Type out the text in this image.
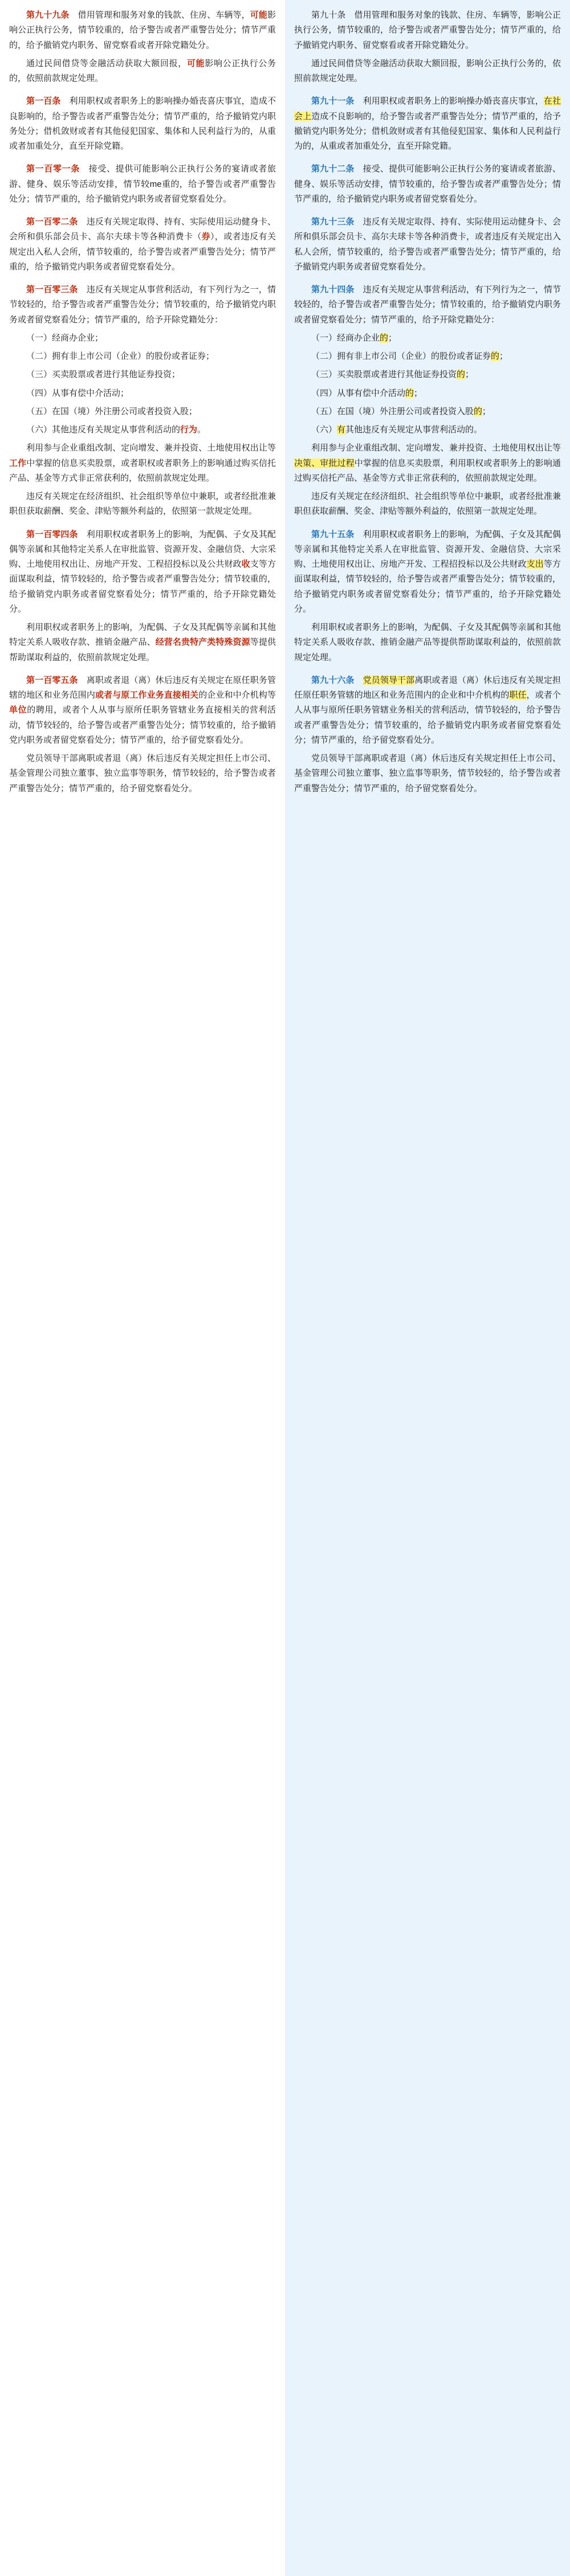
第九十九条　借用管理和服务对象的钱款、住房、车辆等，可能影响公正执行公务，情节较重的，给予警告或者严重警告处分；情节严重的，给予撤销党内职务、留党察看或者开除党籍处分。

通过民间借贷等金融活动获取大额回报，可能影响公正执行公务的，依照前款规定处理。

第一百条　利用职权或者职务上的影响操办婚丧喜庆事宜，造成不良影响的，给予警告或者严重警告处分；情节严重的，给予撤销党内职务处分；借机敛财或者有其他侵犯国家、集体和人民利益行为的，从重或者加重处分，直至开除党籍。

第一百零一条　接受、提供可能影响公正执行公务的宴请或者旅游、健身、娱乐等活动安排，情节较me重的，给予警告或者严重警告处分；情节严重的，给予撤销党内职务或者留党察看处分。

第一百零二条　违反有关规定取得、持有、实际使用运动健身卡、会所和俱乐部会员卡、高尔夫球卡等各种消费卡（券），或者违反有关规定出入私人会所，情节较重的，给予警告或者严重警告处分；情节严重的，给予撤销党内职务或者留党察看处分。

第一百零三条　违反有关规定从事营利活动，有下列行为之一，情节较轻的，给予警告或者严重警告处分；情节较重的，给予撤销党内职务或者留党察看处分；情节严重的，给予开除党籍处分：

（一）经商办企业；

（二）拥有非上市公司（企业）的股份或者证券；

（三）买卖股票或者进行其他证券投资；

（四）从事有偿中介活动；

（五）在国（境）外注册公司或者投资入股；

（六）其他违反有关规定从事营利活动的行为。

利用参与企业重组改制、定向增发、兼并投资、土地使用权出让等工作中掌握的信息买卖股票，或者职权或者职务上的影响通过购买信托产品、基金等方式非正常获利的，依照前款规定处理。

违反有关规定在经济组织、社会组织等单位中兼职，或者经批准兼职但获取薪酬、奖金、津贴等额外利益的，依照第一款规定处理。

第一百零四条　利用职权或者职务上的影响，为配偶、子女及其配偶等亲属和其他特定关系人在审批监管、资源开发、金融信贷、大宗采购、土地使用权出让、房地产开发、工程招投标以及公共财政收支等方面谋取利益，情节较轻的，给予警告或者严重警告处分；情节较重的，给予撤销党内职务或者留党察看处分；情节严重的，给予开除党籍处分。

利用职权或者职务上的影响，为配偶、子女及其配偶等亲属和其他特定关系人吸收存款、推销金融产品、经营名贵特产类特殊资源等提供帮助谋取利益的，依照前款规定处理。

第一百零五条　离职或者退（离）休后违反有关规定在原任职务管辖的地区和业务范围内或者与原工作业务直接相关的企业和中介机构等单位的聘用，或者个人从事与原所任职务管辖业务直接相关的营利活动，情节较轻的，给予警告或者严重警告处分；情节较重的，给予撤销党内职务或者留党察看处分；情节严重的，给予留党察看处分。

党员领导干部离职或者退（离）休后违反有关规定担任上市公司、基金管理公司独立董事、独立监事等职务，情节较轻的，给予警告或者严重警告处分；情节严重的，给予留党察看处分。

第九十条　借用管理和服务对象的钱款、住房、车辆等，影响公正执行公务，情节较重的，给予警告或者严重警告处分；情节严重的，给予撤销党内职务、留党察看或者开除党籍处分。

通过民间借贷等金融活动获取大额回报，影响公正执行公务的，依照前款规定处理。

第九十一条　利用职权或者职务上的影响操办婚丧喜庆事宜，在社会上造成不良影响的，给予警告或者严重警告处分；情节严重的，给予撤销党内职务处分；借机敛财或者有其他侵犯国家、集体和人民利益行为的，从重或者加重处分，直至开除党籍。

第九十二条　接受、提供可能影响公正执行公务的宴请或者旅游、健身、娱乐等活动安排，情节较重的，给予警告或者严重警告处分；情节严重的，给予撤销党内职务或者留党察看处分。

第九十三条　违反有关规定取得、持有、实际使用运动健身卡、会所和俱乐部会员卡、高尔夫球卡等各种消费卡，或者违反有关规定出入私人会所，情节较重的，给予警告或者严重警告处分；情节严重的，给予撤销党内职务或者留党察看处分。

第九十四条　违反有关规定从事营利活动，有下列行为之一，情节较轻的，给予警告或者严重警告处分；情节较重的，给予撤销党内职务或者留党察看处分；情节严重的，给予开除党籍处分：

（一）经商办企业的；

（二）拥有非上市公司（企业）的股份或者证券的；

（三）买卖股票或者进行其他证券投资的；

（四）从事有偿中介活动的；

（五）在国（境）外注册公司或者投资入股的；

（六）有其他违反有关规定从事营利活动的。

利用参与企业重组改制、定向增发、兼并投资、土地使用权出让等决策、审批过程中掌握的信息买卖股票，利用职权或者职务上的影响通过购买信托产品、基金等方式非正常获利的，依照前款规定处理。

违反有关规定在经济组织、社会组织等单位中兼职，或者经批准兼职但获取薪酬、奖金、津贴等额外利益的，依照第一款规定处理。

第九十五条　利用职权或者职务上的影响，为配偶、子女及其配偶等亲属和其他特定关系人在审批监管、资源开发、金融信贷、大宗采购、土地使用权出让、房地产开发、工程招投标以及公共财政支出等方面谋取利益，情节较轻的，给予警告或者严重警告处分；情节较重的，给予撤销党内职务或者留党察看处分；情节严重的，给予开除党籍处分。

利用职权或者职务上的影响，为配偶、子女及其配偶等亲属和其他特定关系人吸收存款、推销金融产品等提供帮助谋取利益的，依照前款规定处理。

第九十六条　 党员领导干部离职或者退（离）休后违反有关规定担任原任职务管辖的地区和业务范围内的企业和中介机构的职任，或者个人从事与原所任职务管辖业务相关的营利活动，情节较轻的，给予警告或者严重警告处分；情节较重的，给予撤销党内职务或者留党察看处分；情节严重的，给予留党察看处分。

党员领导干部离职或者退（离）休后违反有关规定担任上市公司、基金管理公司独立董事、独立监事等职务，情节较轻的，给予警告或者严重警告处分；情节严重的，给予留党察看处分。
